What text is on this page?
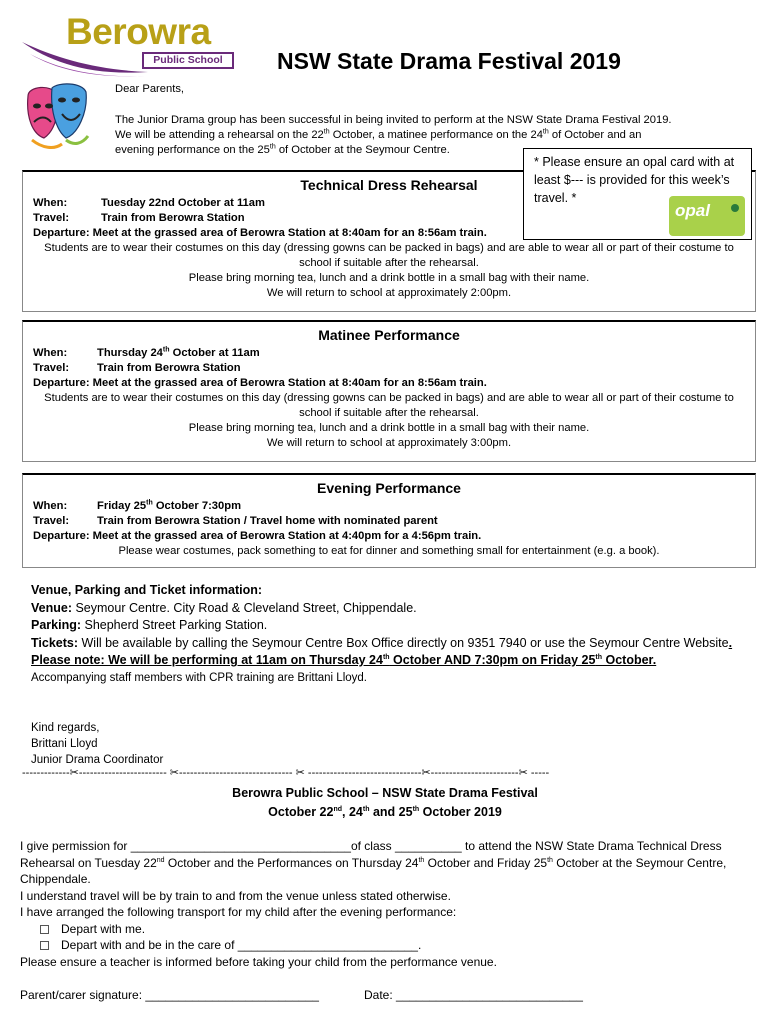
Berowra
Public School	NSW State Drama Festival 2019
Dear Parents,
The Junior Drama group has been successful in being invited to perform at the NSW State Drama Festival 2019.
We will be attending a rehearsal on the 22th October, a matinee performance on the 24th of October and an
evening performance on the 25th of October at the Seymour Centre.
* Please ensure an opal card with at least $--- is provided for this week’s travel. *
opal
Technical Dress Rehearsal
When:	Tuesday 22nd October at 11am
Travel:	Train from Berowra Station
Departure: Meet at the grassed area of Berowra Station at 8:40am for an 8:56am train.
Students are to wear their costumes on this day (dressing gowns can be packed in bags) and are able to wear all or part of their costume to school if suitable after the rehearsal.
Please bring morning tea, lunch and a drink bottle in a small bag with their name.
We will return to school at approximately 2:00pm.
Matinee Performance
When:	Thursday 24th October at 11am
Travel:	Train from Berowra Station
Departure: Meet at the grassed area of Berowra Station at 8:40am for an 8:56am train.
Students are to wear their costumes on this day (dressing gowns can be packed in bags) and are able to wear all or part of their costume to school if suitable after the rehearsal.
Please bring morning tea, lunch and a drink bottle in a small bag with their name.
We will return to school at approximately 3:00pm.
Evening Performance
When:	Friday 25th October 7:30pm
Travel:	Train from Berowra Station / Travel home with nominated parent
Departure: Meet at the grassed area of Berowra Station at 4:40pm for a 4:56pm train.
Please wear costumes, pack something to eat for dinner and something small for entertainment (e.g. a book).
Venue, Parking and Ticket information:
Venue: Seymour Centre. City Road & Cleveland Street, Chippendale.
Parking: Shepherd Street Parking Station.
Tickets: Will be available by calling the Seymour Centre Box Office directly on 9351 7940 or use the Seymour Centre Website. Please note: We will be performing at 11am on Thursday 24th October AND 7:30pm on Friday 25th October.
Accompanying staff members with CPR training are Brittani Lloyd.
Kind regards,
Brittani Lloyd
Junior Drama Coordinator
-------------✂------------------------ ✂------------------------------- ✂ -------------------------------✂------------------------✂ -----
Berowra Public School – NSW State Drama Festival
October 22nd, 24th and 25th October 2019
I give permission for _________________________________of class __________ to attend the NSW State Drama Technical Dress Rehearsal on Tuesday 22nd October and the Performances on Thursday 24th October and Friday 25th October at the Seymour Centre, Chippendale.
I understand travel will be by train to and from the venue unless stated otherwise.
I have arranged the following transport for my child after the evening performance:
Depart with me.
Depart with and be in the care of ___________________________.
Please ensure a teacher is informed before taking your child from the performance venue.
Parent/carer signature: __________________________	Date: ____________________________
